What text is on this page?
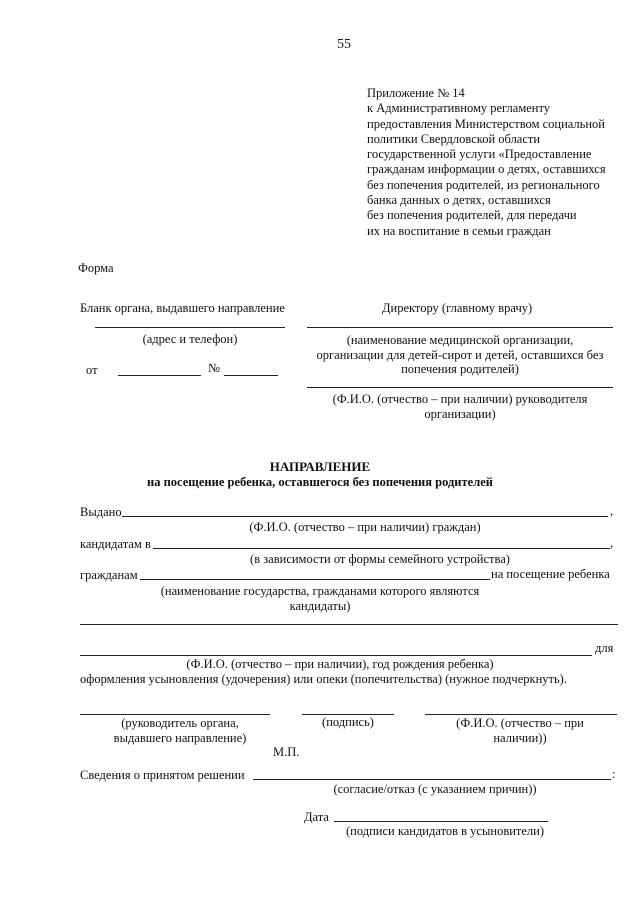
55
Приложение № 14
к Административному регламенту
предоставления Министерством социальной
политики Свердловской области
государственной услуги «Предоставление
гражданам информации о детях, оставшихся
без попечения родителей, из регионального
банка данных о детях, оставшихся
без попечения родителей, для передачи
их на воспитание в семьи граждан
Форма
Бланк органа, выдавшего направление
(адрес и телефон)
от	№
Директору (главному врачу)
(наименование медицинской организации,
организации для детей-сирот и детей, оставшихся без
попечения родителей)
(Ф.И.О. (отчество – при наличии) руководителя
организации)
НАПРАВЛЕНИЕ
на посещение ребенка, оставшегося без попечения родителей
Выдано	,
(Ф.И.О. (отчество – при наличии) граждан)
кандидатам в	,
(в зависимости от формы семейного устройства)
гражданам	на посещение ребенка
(наименование государства, гражданами которого являются
кандидаты)
для
(Ф.И.О. (отчество – при наличии), год рождения ребенка)
оформления усыновления (удочерения) или опеки (попечительства) (нужное подчеркнуть).
(руководитель органа,
выдавшего направление)
(подпись)	(Ф.И.О. (отчество – при
наличии))
М.П.
Сведения о принятом решении	:
(согласие/отказ (с указанием причин))
Дата
(подписи кандидатов в усыновители)
